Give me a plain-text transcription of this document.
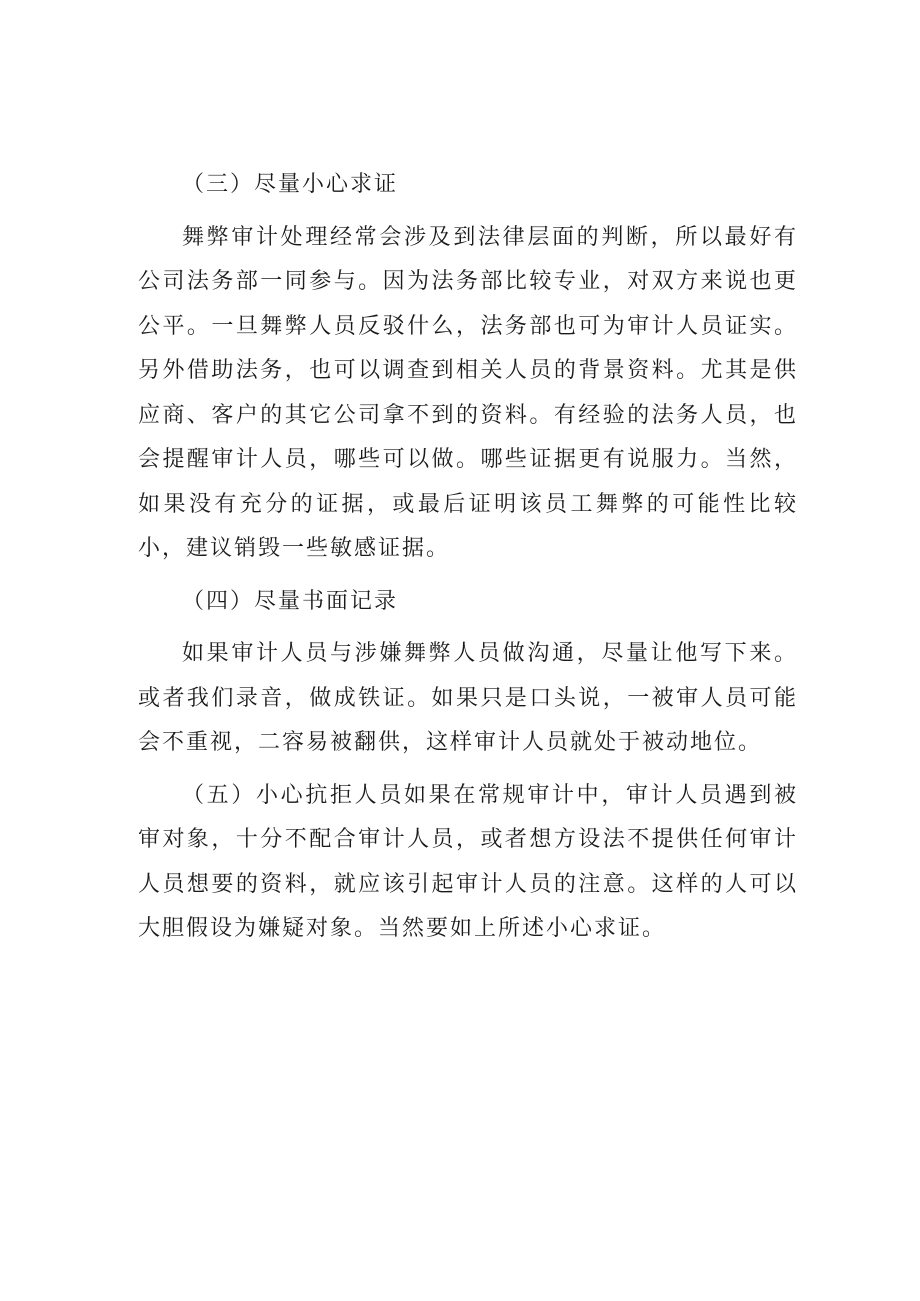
（三）尽量小心求证

舞弊审计处理经常会涉及到法律层面的判断，所以最好有公司法务部一同参与。因为法务部比较专业，对双方来说也更公平。一旦舞弊人员反驳什么，法务部也可为审计人员证实。另外借助法务，也可以调查到相关人员的背景资料。尤其是供应商、客户的其它公司拿不到的资料。有经验的法务人员，也会提醒审计人员，哪些可以做。哪些证据更有说服力。当然，如果没有充分的证据，或最后证明该员工舞弊的可能性比较小，建议销毁一些敏感证据。

（四）尽量书面记录

如果审计人员与涉嫌舞弊人员做沟通，尽量让他写下来。或者我们录音，做成铁证。如果只是口头说，一被审人员可能会不重视，二容易被翻供，这样审计人员就处于被动地位。

（五）小心抗拒人员如果在常规审计中，审计人员遇到被审对象，十分不配合审计人员，或者想方设法不提供任何审计人员想要的资料，就应该引起审计人员的注意。这样的人可以大胆假设为嫌疑对象。当然要如上所述小心求证。
